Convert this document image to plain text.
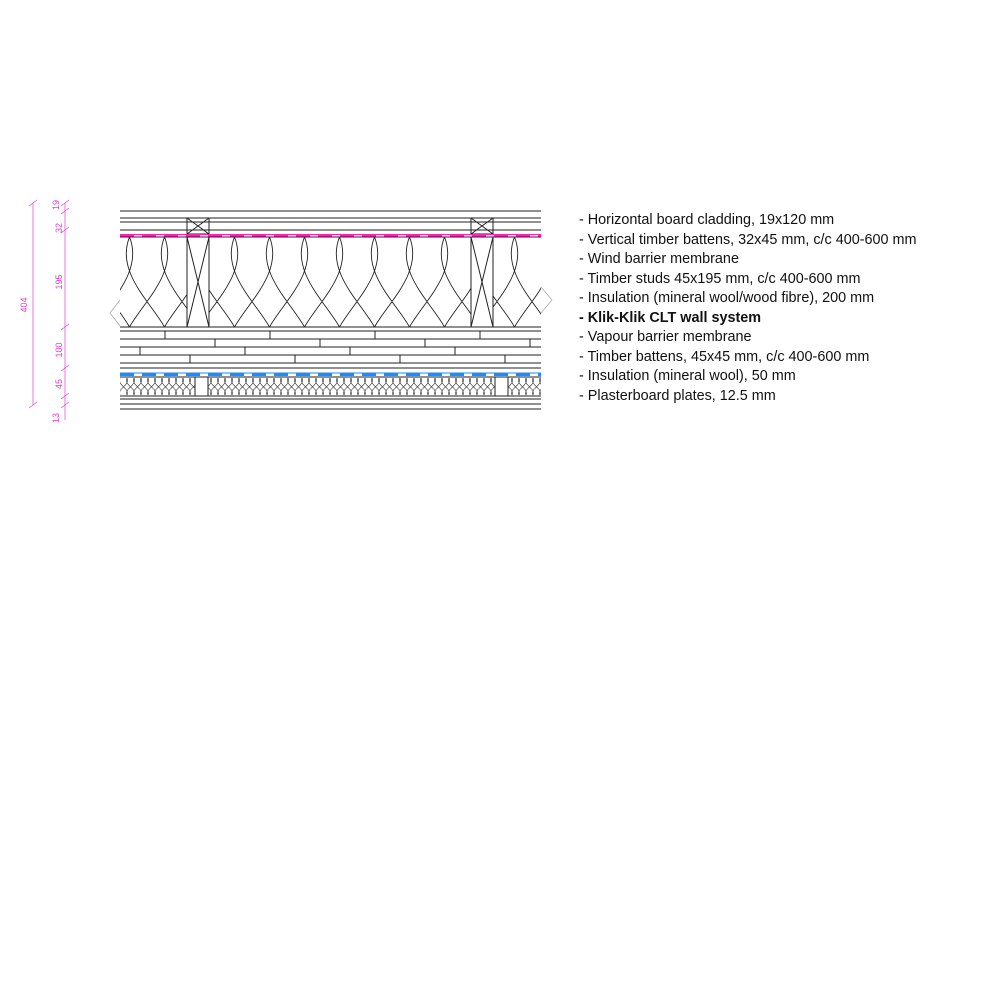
404
19
32
195
100
45
13
- Horizontal board cladding, 19x120 mm
- Vertical timber battens, 32x45 mm, c/c 400-600 mm
- Wind barrier membrane
- Timber studs 45x195 mm, c/c 400-600 mm
- Insulation (mineral wool/wood fibre), 200 mm
- Klik-Klik CLT wall system
- Vapour barrier membrane
- Timber battens, 45x45 mm, c/c 400-600 mm
- Insulation (mineral wool), 50 mm
- Plasterboard plates, 12.5 mm
